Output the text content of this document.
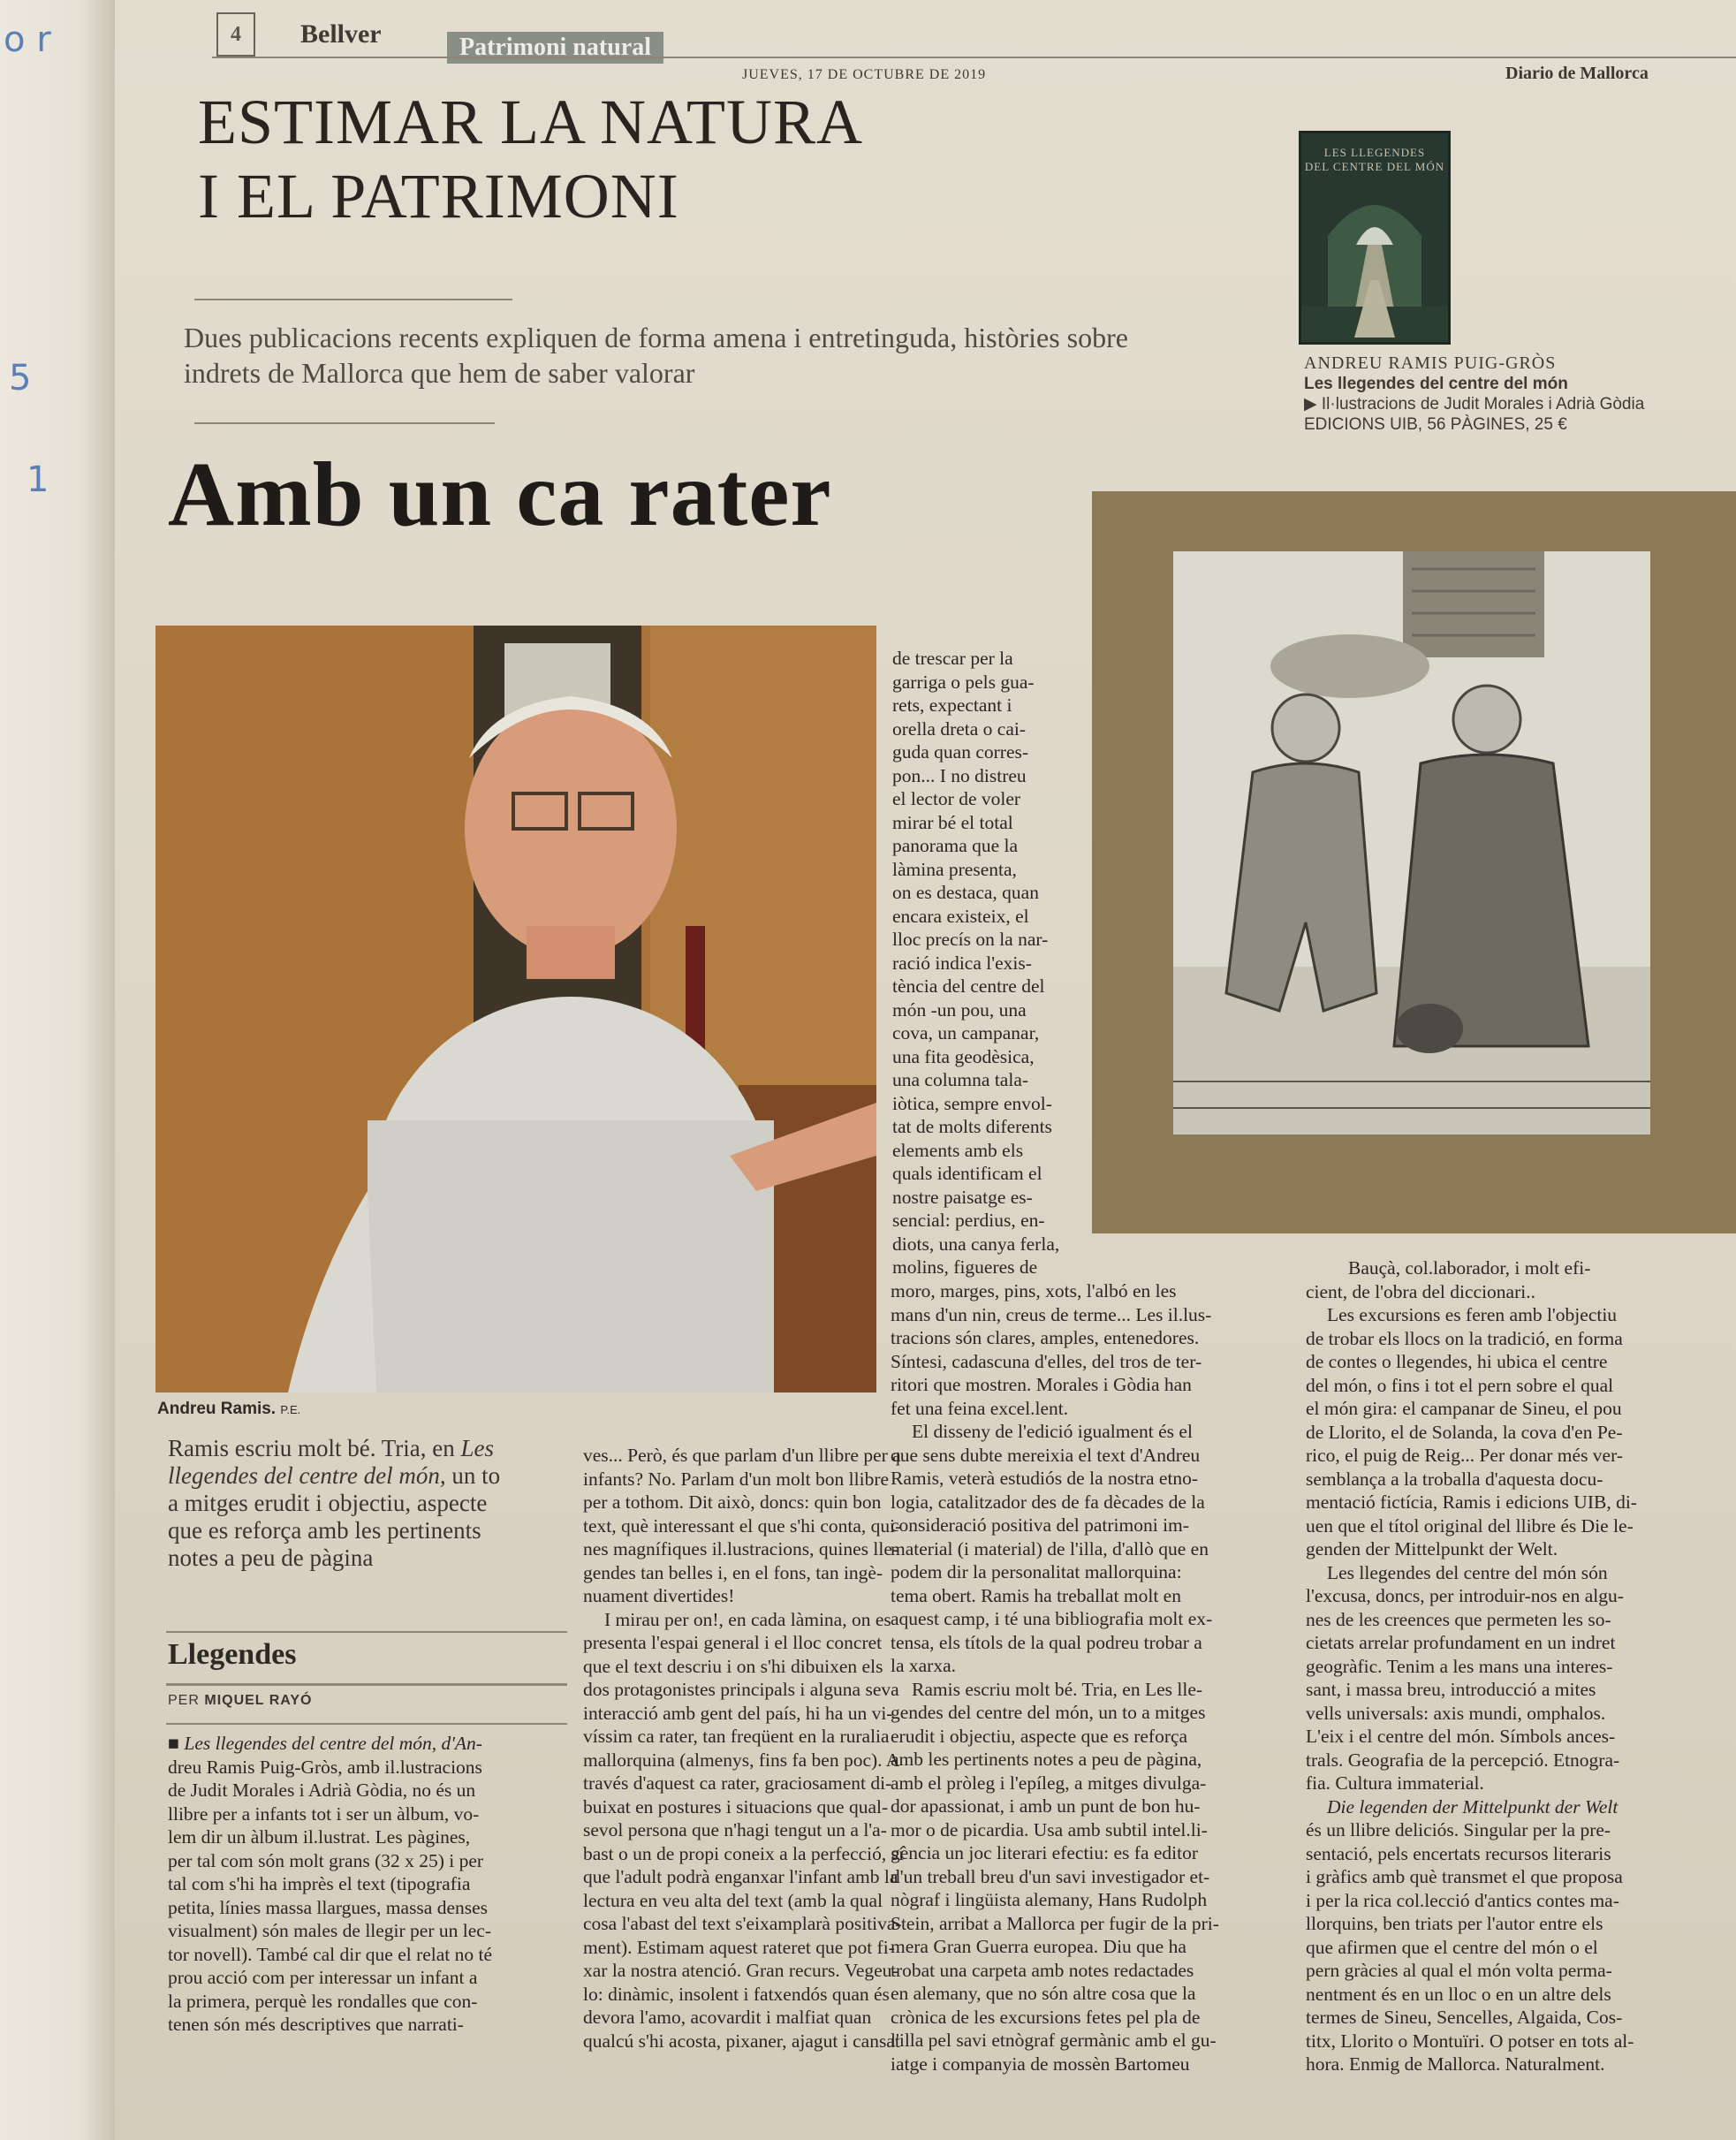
o r
5
1
4	Bellver	Patrimoni natural
JUEVES, 17 DE OCTUBRE DE 2019	Diario de Mallorca
ESTIMAR LA NATURA
I EL PATRIMONI
Dues publicacions recents expliquen de forma amena i entretinguda, històries sobre
indrets de Mallorca que hem de saber valorar
LES LLEGENDES
DEL CENTRE DEL MÓN
ANDREU RAMIS PUIG-GRÒS
Les llegendes del centre del món
▶ Il·lustracions de Judit Morales i Adrià Gòdia
EDICIONS UIB, 56 PÀGINES, 25 €
Amb un ca rater
Andreu Ramis. P.E.
Ramis escriu molt bé. Tria, en Les
llegendes del centre del món, un to
a mitges erudit i objectiu, aspecte
que es reforça amb les pertinents
notes a peu de pàgina
Llegendes
PER MIQUEL RAYÓ
■ Les llegendes del centre del món, d'An-
dreu Ramis Puig-Gròs, amb il.lustracions
de Judit Morales i Adrià Gòdia, no és un
llibre per a infants tot i ser un àlbum, vo-
lem dir un àlbum il.lustrat. Les pàgines,
per tal com són molt grans (32 x 25) i per
tal com s'hi ha imprès el text (tipografia
petita, línies massa llargues, massa denses
visualment) són males de llegir per un lec-
tor novell). També cal dir que el relat no té
prou acció com per interessar un infant a
la primera, perquè les rondalles que con-
tenen són més descriptives que narrati-
ves... Però, és que parlam d'un llibre per a
infants? No. Parlam d'un molt bon llibre
per a tothom. Dit això, doncs: quin bon
text, què interessant el que s'hi conta, qui-
nes magnífiques il.lustracions, quines lle-
gendes tan belles i, en el fons, tan ingè-
nuament divertides!
I mirau per on!, en cada làmina, on es
presenta l'espai general i el lloc concret
que el text descriu i on s'hi dibuixen els
dos protagonistes principals i alguna seva
interacció amb gent del país, hi ha un vi-
víssim ca rater, tan freqüent en la ruralia
mallorquina (almenys, fins fa ben poc). A
través d'aquest ca rater, graciosament di-
buixat en postures i situacions que qual-
sevol persona que n'hagi tengut un a l'a-
bast o un de propi coneix a la perfecció, sí
que l'adult podrà enganxar l'infant amb la
lectura en veu alta del text (amb la qual
cosa l'abast del text s'eixamplarà positiva-
ment). Estimam aquest rateret que pot fi-
xar la nostra atenció. Gran recurs. Vegeu-
lo: dinàmic, insolent i fatxendós quan és
devora l'amo, acovardit i malfiat quan
qualcú s'hi acosta, pixaner, ajagut i cansat
de trescar per la
garriga o pels gua-
rets, expectant i
orella dreta o cai-
guda quan corres-
pon... I no distreu
el lector de voler
mirar bé el total
panorama que la
làmina presenta,
on es destaca, quan
encara existeix, el
lloc precís on la nar-
ració indica l'exis-
tència del centre del
món -un pou, una
cova, un campanar,
una fita geodèsica,
una columna tala-
iòtica, sempre envol-
tat de molts diferents
elements amb els
quals identificam el
nostre paisatge es-
sencial: perdius, en-
diots, una canya ferla,
molins, figueres de
moro, marges, pins, xots, l'albó en les
mans d'un nin, creus de terme... Les il.lus-
tracions són clares, amples, entenedores.
Síntesi, cadascuna d'elles, del tros de ter-
ritori que mostren. Morales i Gòdia han
fet una feina excel.lent.
El disseny de l'edició igualment és el
que sens dubte mereixia el text d'Andreu
Ramis, veterà estudiós de la nostra etno-
logia, catalitzador des de fa dècades de la
consideració positiva del patrimoni im-
material (i material) de l'illa, d'allò que en
podem dir la personalitat mallorquina:
tema obert. Ramis ha treballat molt en
aquest camp, i té una bibliografia molt ex-
tensa, els títols de la qual podreu trobar a
la xarxa.
Ramis escriu molt bé. Tria, en Les lle-
gendes del centre del món, un to a mitges
erudit i objectiu, aspecte que es reforça
amb les pertinents notes a peu de pàgina,
amb el pròleg i l'epíleg, a mitges divulga-
dor apassionat, i amb un punt de bon hu-
mor o de picardia. Usa amb subtil intel.li-
gència un joc literari efectiu: es fa editor
d'un treball breu d'un savi investigador et-
nògraf i lingüista alemany, Hans Rudolph
Stein, arribat a Mallorca per fugir de la pri-
mera Gran Guerra europea. Diu que ha
trobat una carpeta amb notes redactades
en alemany, que no són altre cosa que la
crònica de les excursions fetes pel pla de
l'illa pel savi etnògraf germànic amb el gu-
iatge i companyia de mossèn Bartomeu
Bauçà, col.laborador, i molt efi-
cient, de l'obra del diccionari..
Les excursions es feren amb l'objectiu
de trobar els llocs on la tradició, en forma
de contes o llegendes, hi ubica el centre
del món, o fins i tot el pern sobre el qual
el món gira: el campanar de Sineu, el pou
de Llorito, el de Solanda, la cova d'en Pe-
rico, el puig de Reig... Per donar més ver-
semblança a la troballa d'aquesta docu-
mentació fictícia, Ramis i edicions UIB, di-
uen que el títol original del llibre és Die le-
genden der Mittelpunkt der Welt.
Les llegendes del centre del món són
l'excusa, doncs, per introduir-nos en algu-
nes de les creences que permeten les so-
cietats arrelar profundament en un indret
geogràfic. Tenim a les mans una interes-
sant, i massa breu, introducció a mites
vells universals: axis mundi, omphalos.
L'eix i el centre del món. Símbols ances-
trals. Geografia de la percepció. Etnogra-
fia. Cultura immaterial.
Die legenden der Mittelpunkt der Welt
és un llibre deliciós. Singular per la pre-
sentació, pels encertats recursos literaris
i gràfics amb què transmet el que proposa
i per la rica col.lecció d'antics contes ma-
llorquins, ben triats per l'autor entre els
que afirmen que el centre del món o el
pern gràcies al qual el món volta perma-
nentment és en un lloc o en un altre dels
termes de Sineu, Sencelles, Algaida, Cos-
titx, Llorito o Montuïri. O potser en tots al-
hora. Enmig de Mallorca. Naturalment.
